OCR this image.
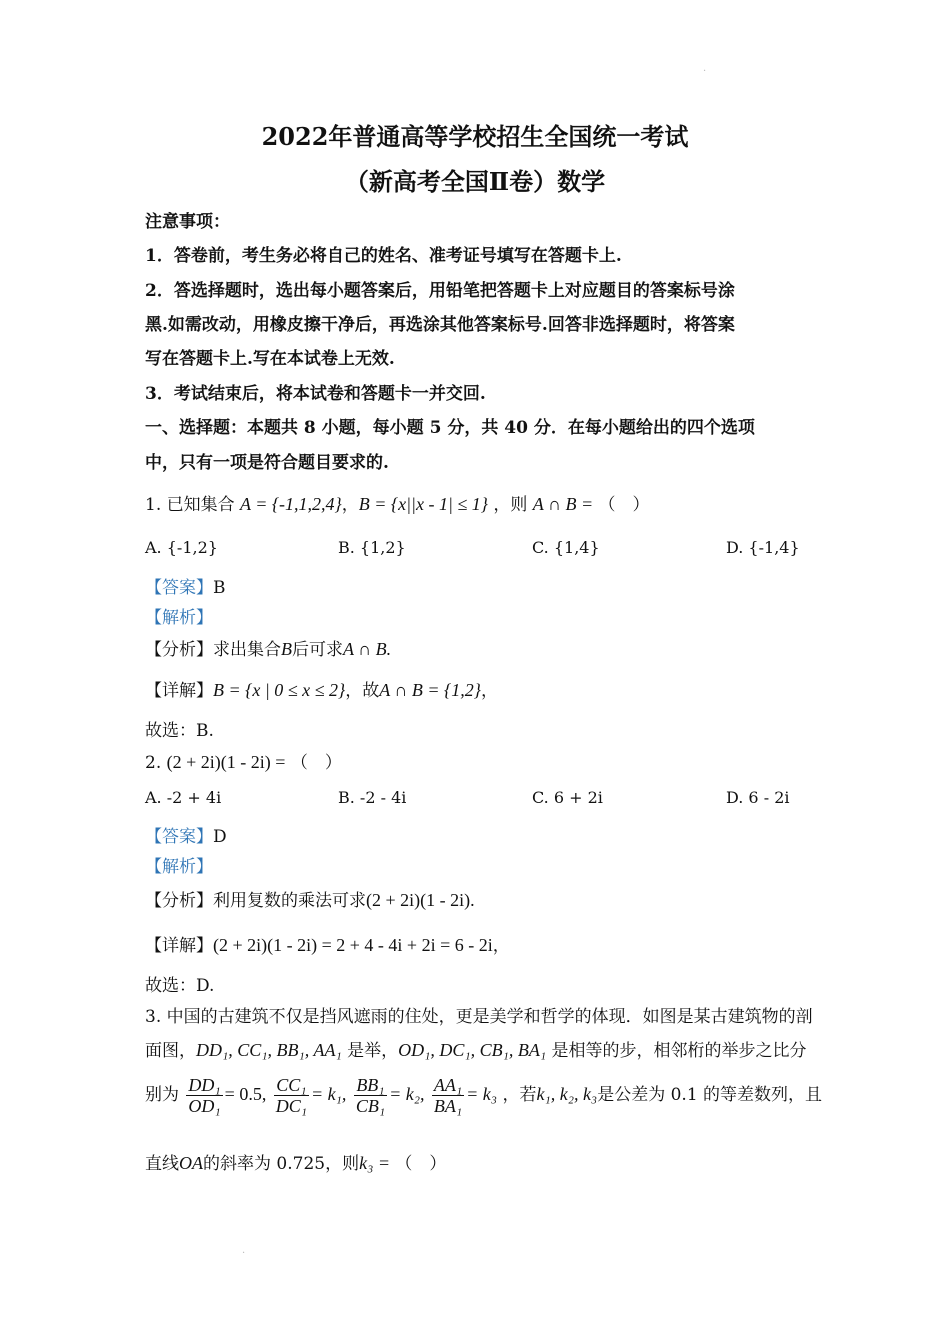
2022年普通高等学校招生全国统一考试
（新高考全国Ⅱ卷）数学
注意事项：
1．答卷前，考生务必将自己的姓名、准考证号填写在答题卡上.
2．答选择题时，选出每小题答案后，用铅笔把答题卡上对应题目的答案标号涂
黑.如需改动，用橡皮擦干净后，再选涂其他答案标号.回答非选择题时，将答案
写在答题卡上.写在本试卷上无效.
3．考试结束后，将本试卷和答题卡一并交回.
一、选择题：本题共 8 小题，每小题 5 分，共 40 分．在每小题给出的四个选项
中，只有一项是符合题目要求的.
1. 已知集合 A = {-1,1,2,4}，B = {x||x - 1| ≤ 1} ，则 A ∩ B = （　）
A. {-1,2}	B. {1,2}	C. {1,4}	D. {-1,4}
【答案】B
【解析】
【分析】求出集合B后可求A ∩ B.
【详解】B = {x | 0 ≤ x ≤ 2}，故A ∩ B = {1,2}，
故选：B.
2. (2 + 2i)(1 - 2i) = （　）
A. -2 + 4i	B. -2 - 4i	C. 6 + 2i	D. 6 - 2i
【答案】D
【解析】
【分析】利用复数的乘法可求(2 + 2i)(1 - 2i).
【详解】(2 + 2i)(1 - 2i) = 2 + 4 - 4i + 2i = 6 - 2i，
故选：D.
3. 中国的古建筑不仅是挡风遮雨的住处，更是美学和哲学的体现．如图是某古建筑物的剖
面图，DD₁, CC₁, BB₁, AA₁ 是举，OD₁, DC₁, CB₁, BA₁ 是相等的步，相邻桁的举步之比分
别为 $\frac{\text{DD₁}}{\text{OD₁}} = 0.5$, $\frac{\text{CC₁}}{\text{DC₁}} = k_1$, $\frac{\text{BB₁}}{\text{CB₁}} = k_2$, $\frac{\text{AA₁}}{\text{BA₁}} = k_3$ ，若k₁, k₂, k₃是公差为 0.1 的等差数列，且
直线OA的斜率为 0.725，则k₃ = （　）
·
·
